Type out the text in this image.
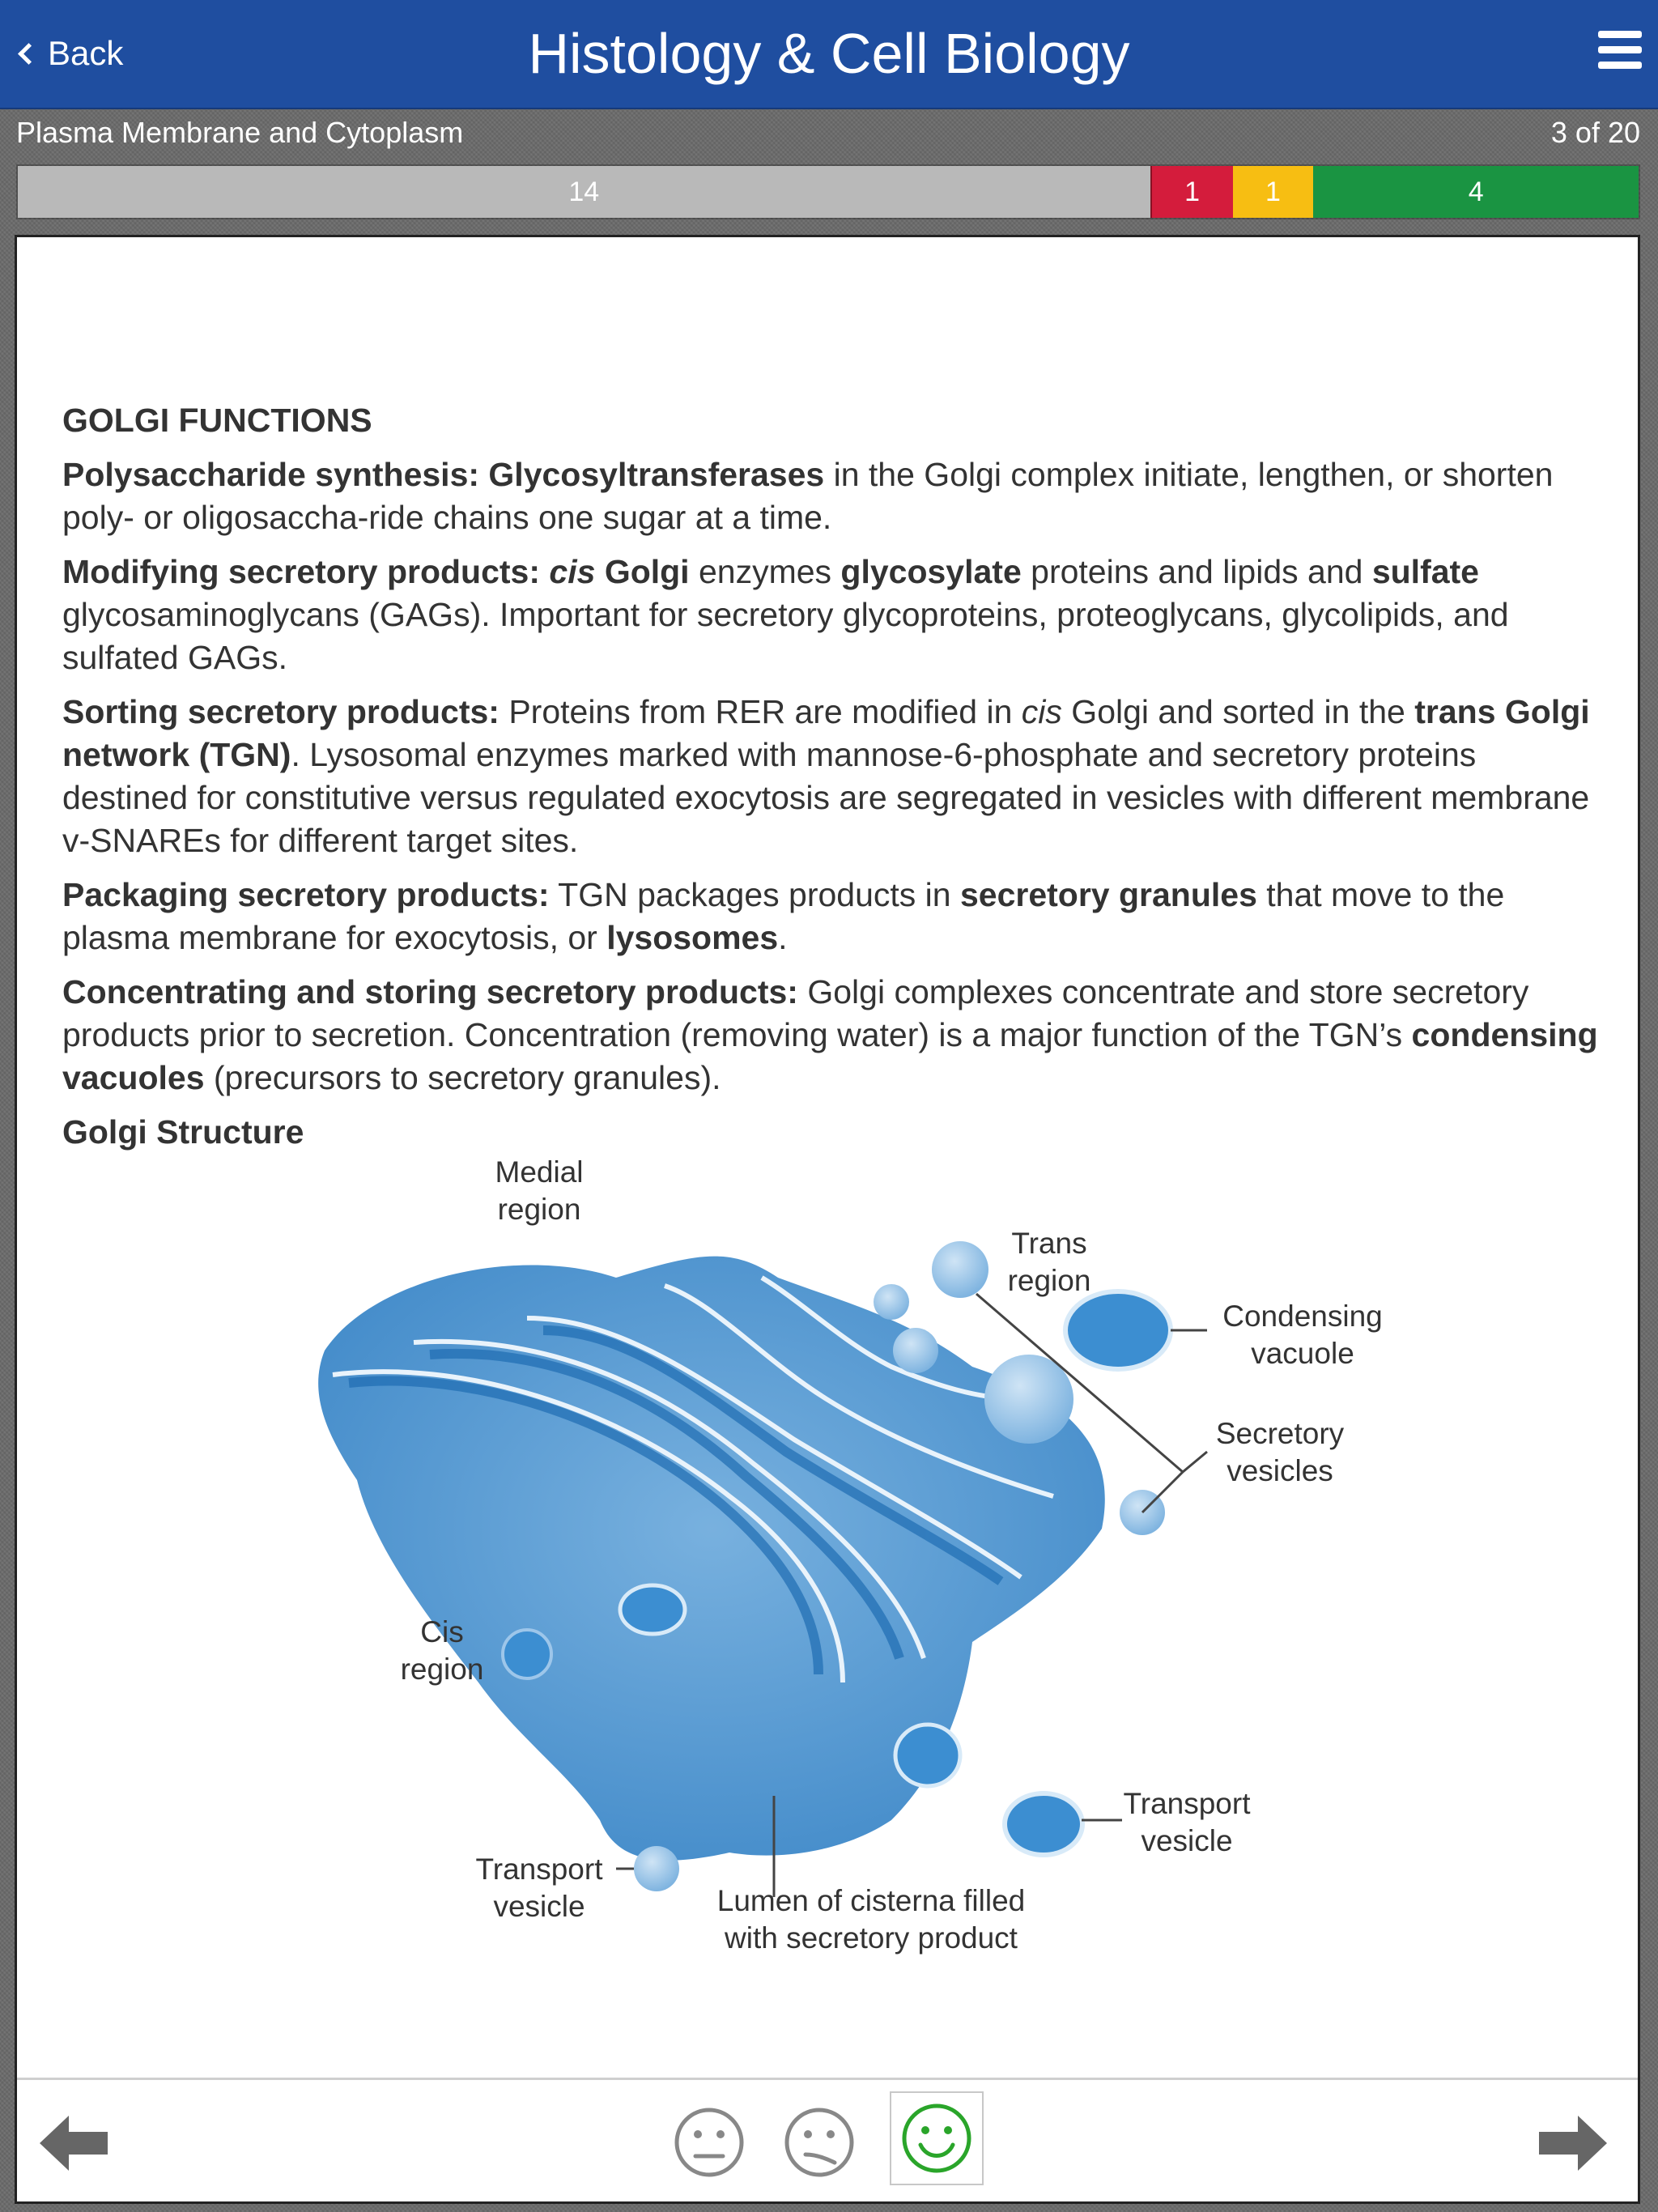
Back	Histology & Cell Biology
Plasma Membrane and Cytoplasm	3 of 20
14	1	1	4
GOLGI FUNCTIONS

Polysaccharide synthesis: Glycosyltransferases in the Golgi complex initiate, lengthen, or shorten poly- or oligosaccha-ride chains one sugar at a time.

Modifying secretory products: cis Golgi enzymes glycosylate proteins and lipids and sulfate glycosaminoglycans (GAGs). Important for secretory glycoproteins, proteoglycans, glycolipids, and sulfated GAGs.

Sorting secretory products: Proteins from RER are modified in cis Golgi and sorted in the trans Golgi network (TGN). Lysosomal enzymes marked with mannose-6-phosphate and secretory proteins destined for constitutive versus regulated exocytosis are segregated in vesicles with different membrane v-SNAREs for different target sites.

Packaging secretory products: TGN packages products in secretory granules that move to the plasma membrane for exocytosis, or lysosomes.

Concentrating and storing secretory products: Golgi complexes concentrate and store secretory products prior to secretion. Concentration (removing water) is a major function of the TGN’s condensing vacuoles (precursors to secretory granules).

Golgi Structure
Medial
region
Trans
region
Condensing
vacuole
Secretory
vesicles
Cis
region
Transport
vesicle
Transport
vesicle	Lumen of cisterna filled
with secretory product
